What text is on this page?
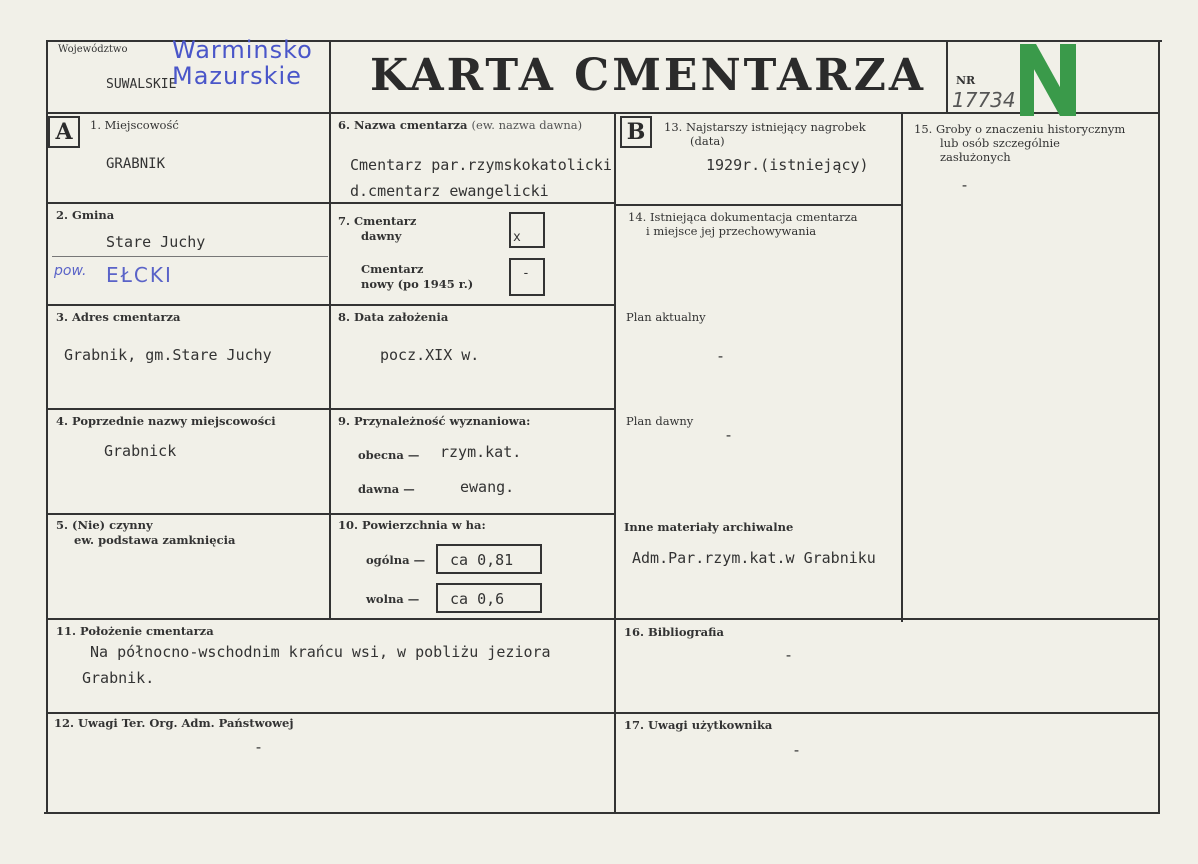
Województwo
SUWALSKIE
Warminsko
Mazurskie KARTA CMENTARZA	NR
17734
A	1. Miejscowość
GRABNIK
2. Gmina
Stare Juchy
pow. EŁCKI
3. Adres cmentarza
Grabnik, gm.Stare Juchy
4. Poprzednie nazwy miejscowości
Grabnick
5. (Nie) czynny
ew. podstawa zamknięcia
6. Nazwa cmentarza (ew. nazwa dawna)
Cmentarz par.rzymskokatolicki
d.cmentarz ewangelicki
7. Cmentarz
dawny	x
Cmentarz
nowy (po 1945 r.)
-
8. Data założenia
pocz.XIX w.
9. Przynależność wyznaniowa:
obecna — rzym.kat.
dawna —	ewang.
10. Powierzchnia w ha:
ogólna — ca 0,81
wolna — ca 0,6
11. Położenie cmentarza
Na północno-wschodnim krańcu wsi, w pobliżu jeziora
Grabnik.
12. Uwagi Ter. Org. Adm. Państwowej
-
B	13. Najstarszy istniejący nagrobek
(data)
1929r.(istniejący)
14. Istniejąca dokumentacja cmentarza
i miejsce jej przechowywania
Plan aktualny
-
Plan dawny
-
Inne materiały archiwalne
Adm.Par.rzym.kat.w Grabniku
15. Groby o znaczeniu historycznym
lub osób szczególnie
zasłużonych
-
16. Bibliografia
-
17. Uwagi użytkownika
-
